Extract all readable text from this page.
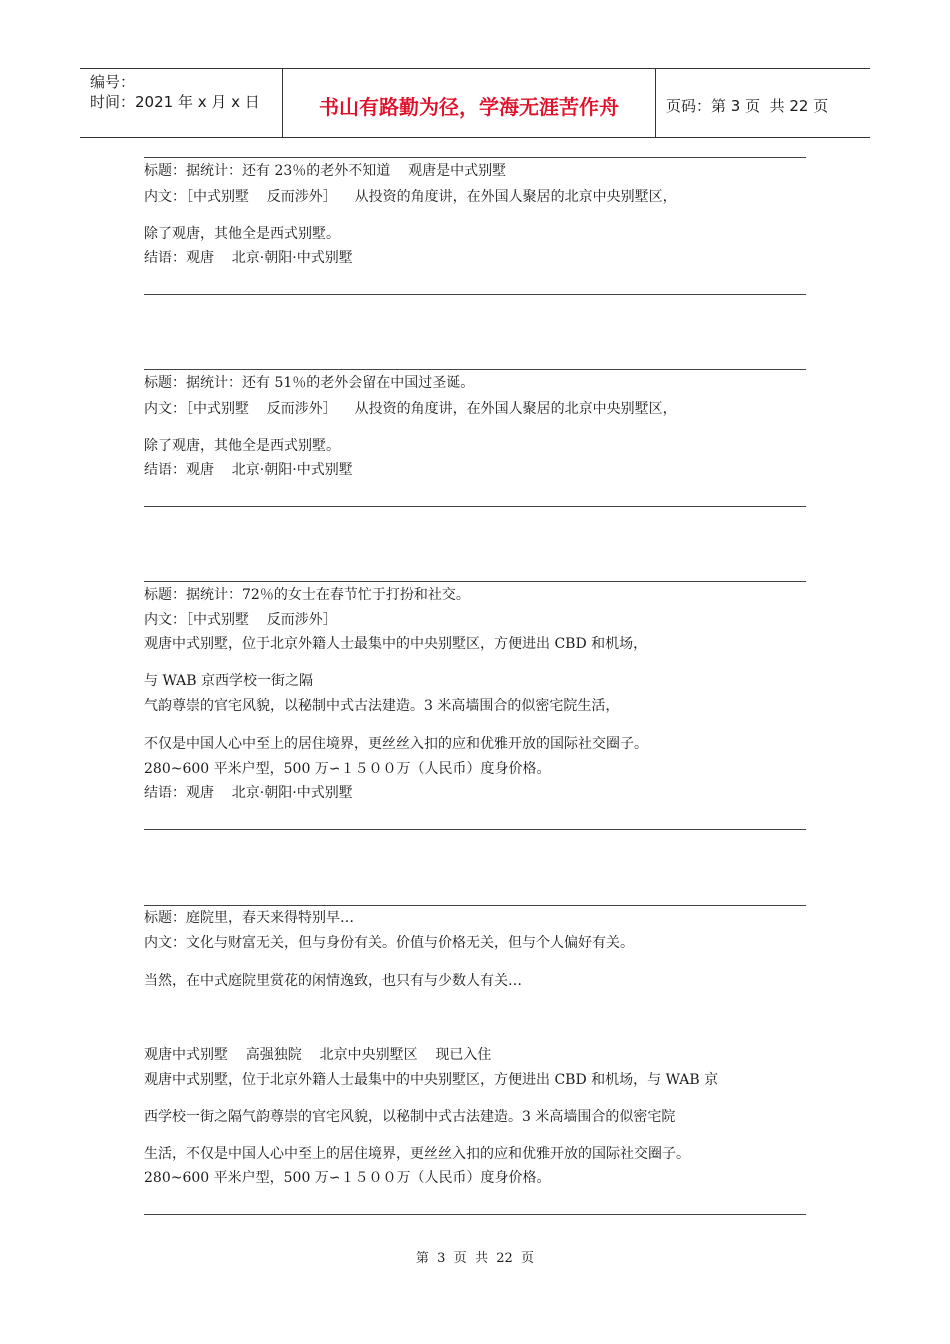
编号：
时间：2021 年 x 月 x 日	书山有路勤为径，学海无涯苦作舟	页码：第 3 页  共 22 页
标题：据统计：还有 23％的老外不知道    观唐是中式别墅
内文：［中式别墅    反而涉外］    从投资的角度讲，在外国人聚居的北京中央别墅区，
除了观唐，其他全是西式别墅。
结语：观唐    北京·朝阳·中式别墅
标题：据统计：还有 51％的老外会留在中国过圣诞。
内文：［中式别墅    反而涉外］    从投资的角度讲，在外国人聚居的北京中央别墅区，
除了观唐，其他全是西式别墅。
结语：观唐    北京·朝阳·中式别墅
标题：据统计：72％的女士在春节忙于打扮和社交。
内文：［中式别墅    反而涉外］
观唐中式别墅，位于北京外籍人士最集中的中央别墅区，方便进出 CBD 和机场，
与 WAB 京西学校一街之隔
气韵尊崇的官宅风貌，以秘制中式古法建造。3 米高墙围合的似密宅院生活，
不仅是中国人心中至上的居住境界，更丝丝入扣的应和优雅开放的国际社交圈子。
280~600 平米户型，500 万∽１５００万（人民币）度身价格。
结语：观唐    北京·朝阳·中式别墅
标题：庭院里，春天来得特别早…
内文：文化与财富无关，但与身份有关。价值与价格无关，但与个人偏好有关。
当然，在中式庭院里赏花的闲情逸致，也只有与少数人有关…
观唐中式别墅    高强独院    北京中央别墅区    现已入住
观唐中式别墅，位于北京外籍人士最集中的中央别墅区，方便进出 CBD 和机场，与 WAB 京
西学校一街之隔气韵尊崇的官宅风貌，以秘制中式古法建造。3 米高墙围合的似密宅院
生活，不仅是中国人心中至上的居住境界，更丝丝入扣的应和优雅开放的国际社交圈子。
280~600 平米户型，500 万∽１５００万（人民币）度身价格。
第  3  页  共  22  页
